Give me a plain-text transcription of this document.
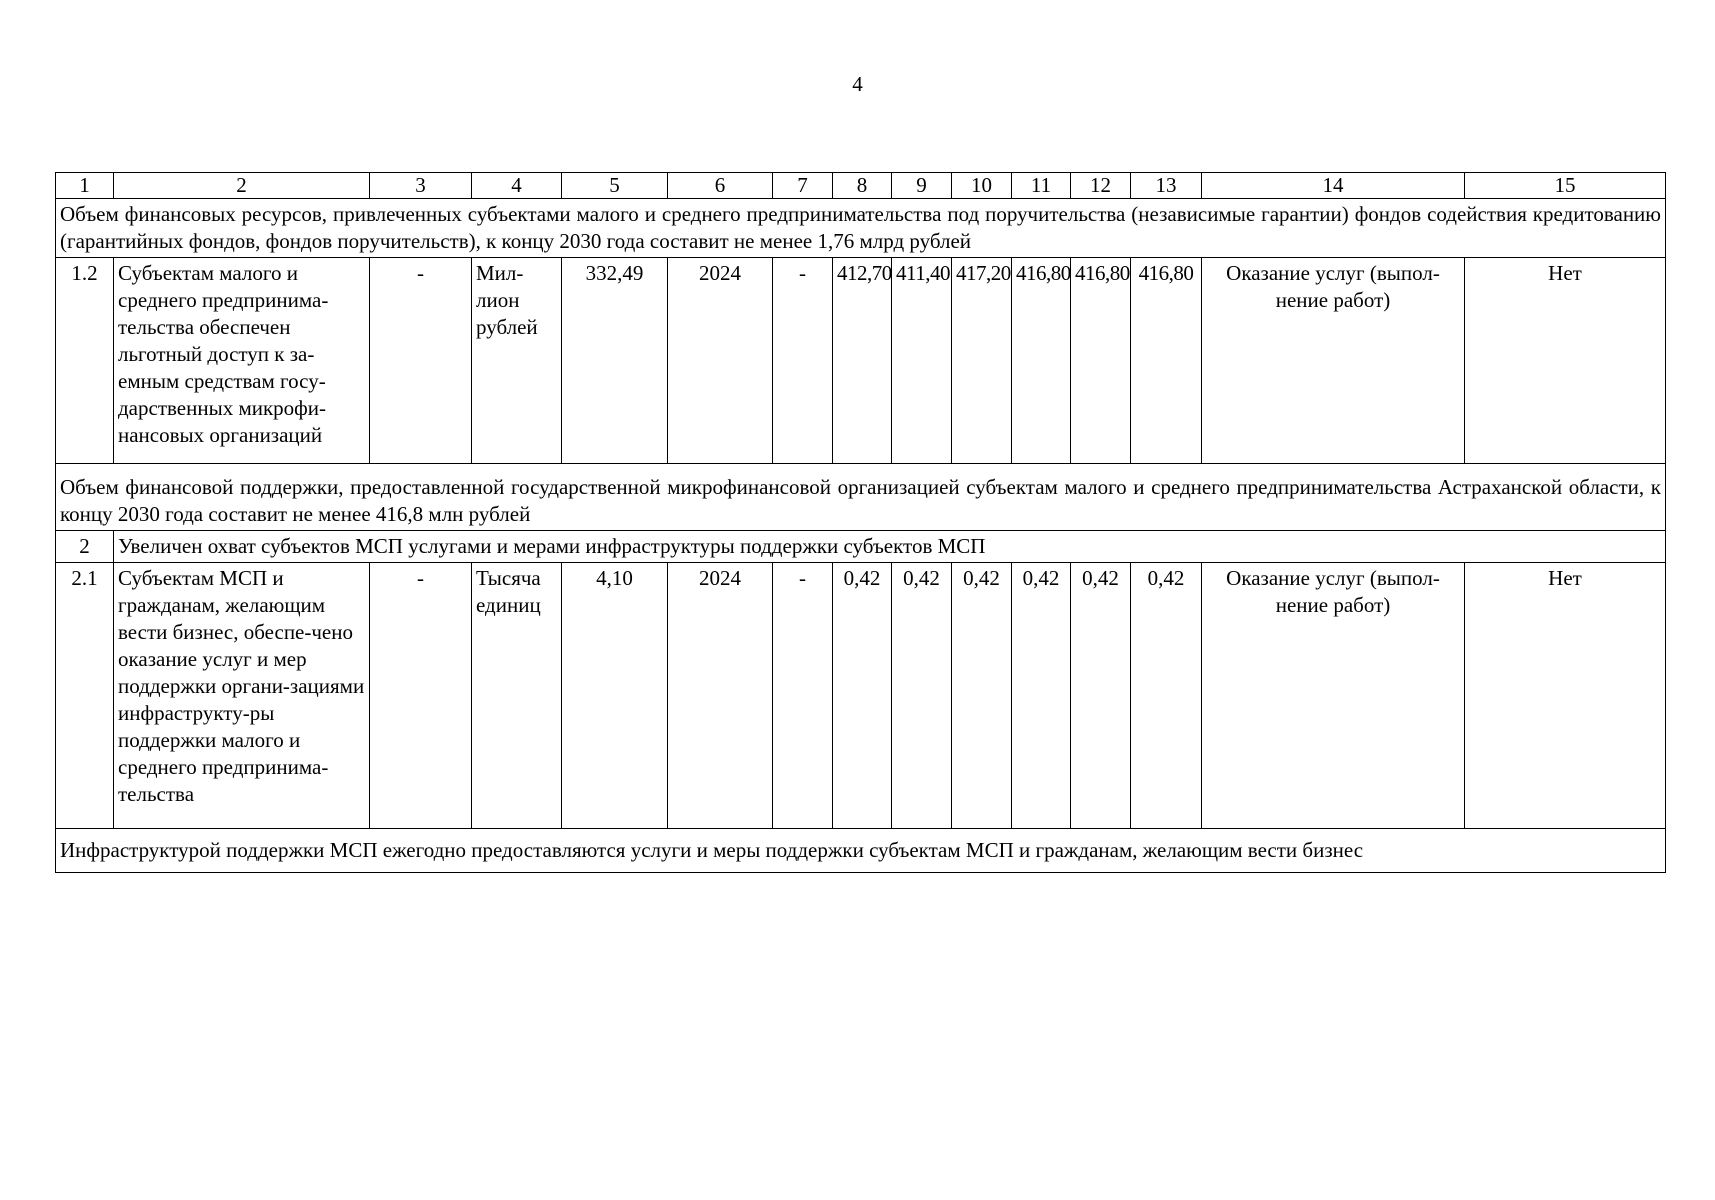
4
1	2	3	4	5	6	7	8	9	10	11	12	13	14	15
Объем финансовых ресурсов, привлеченных субъектами малого и среднего предпринимательства под поручительства (независимые гарантии) фондов содействия кредитованию (гарантийных фондов, фондов поручительств), к концу 2030 года составит не менее 1,76 млрд рублей														
1.2	Субъектам малого и среднего предпринима-тельства обеспечен льготный доступ к за-емным средствам госу-дарственных микрофи-нансовых организаций	-	Мил-лион рублей	332,49	2024	-	412,70	411,40	417,20	416,80	416,80	416,80	Оказание услуг (выпол-нение работ)	Нет
Объем финансовой поддержки, предоставленной государственной микрофинансовой организацией субъектам малого и среднего предпринимательства Астраханской области, к концу 2030 года составит не менее 416,8 млн рублей														
2	Увеличен охват субъектов МСП услугами и мерами инфраструктуры поддержки субъектов МСП													
2.1	Субъектам МСП и гражданам, желающим вести бизнес, обеспе-чено оказание услуг и мер поддержки органи-зациями инфраструкту-ры поддержки малого и среднего предпринима-тельства	-	Тысяча единиц	4,10	2024	-	0,42	0,42	0,42	0,42	0,42	0,42	Оказание услуг (выпол-нение работ)	Нет
Инфраструктурой поддержки МСП ежегодно предоставляются услуги и меры поддержки субъектам МСП и гражданам, желающим вести бизнес														
